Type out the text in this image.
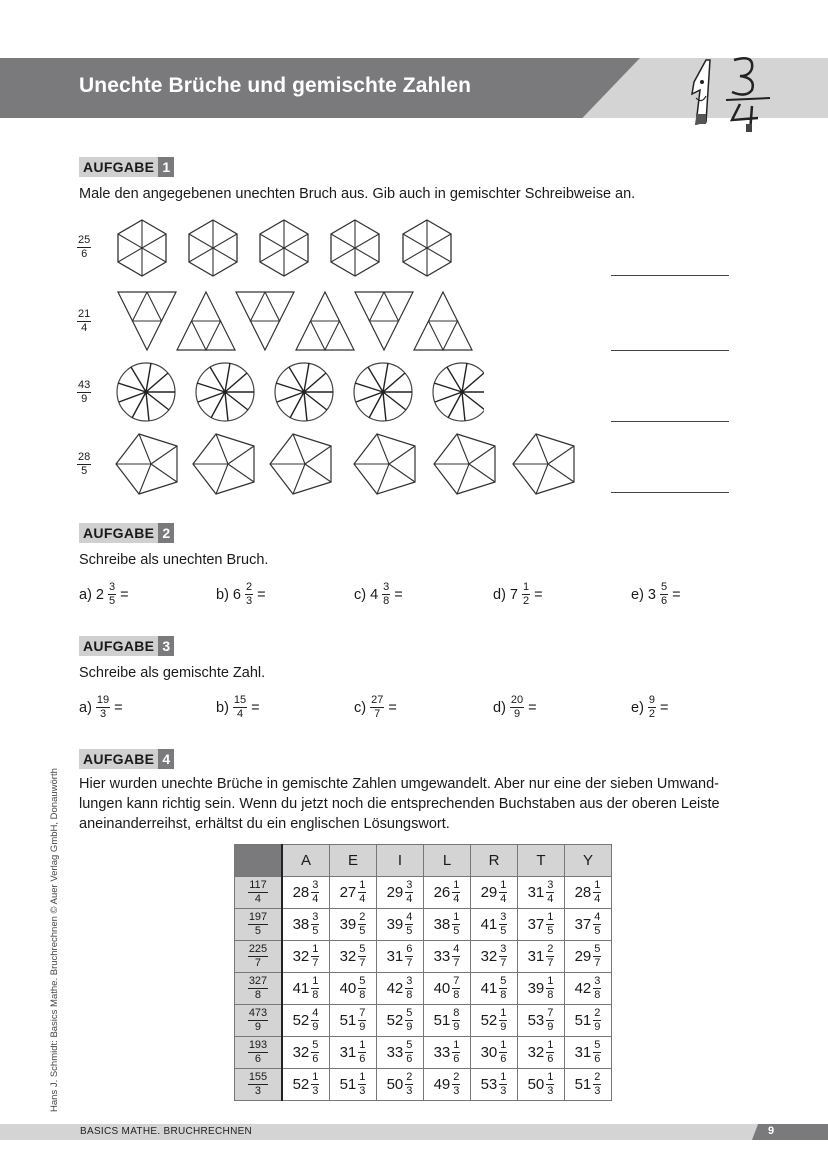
Unechte Brüche und gemischte Zahlen
AUFGABE 1
Male den angegebenen unechten Bruch aus. Gib auch in gemischter Schreibweise an.
$\frac{25}{6}$
$\frac{21}{4}$
$\frac{43}{9}$
$\frac{28}{5}$
AUFGABE 2
Schreibe als unechten Bruch.
a) $2 \frac{3}{5}$ =	b) $6 \frac{2}{3}$ =	c) $4 \frac{3}{8}$ =	d) $7 \frac{1}{2}$ =	e) $3 \frac{5}{6}$ =
AUFGABE 3
Schreibe als gemischte Zahl.
$a) \frac{19}{3}$ =	$b) \frac{15}{4}$ =	$c) \frac{27}{7}$ =	$d) \frac{20}{9}$ =	$e) \frac{9}{2}$ =
AUFGABE 4
Hier wurden unechte Brüche in gemischte Zahlen umgewandelt. Aber nur eine der sieben Umwand-
lungen kann richtig sein. Wenn du jetzt noch die entsprechenden Buchstaben aus der oberen Leiste
aneinanderreihst, erhältst du ein englischen Lösungswort.
	A	E	I	L	R	T	Y

$\frac{117}{4}$	$28 \frac{3}{4}$	$27 \frac{1}{4}$	$29 \frac{3}{4}$	$26 \frac{1}{4}$	$29 \frac{1}{4}$	$31 \frac{3}{4}$	$28 \frac{1}{4}$

$\frac{197}{5}$	$38 \frac{3}{5}$	$39 \frac{2}{5}$	$39 \frac{4}{5}$	$38 \frac{1}{5}$	$41 \frac{3}{5}$	$37 \frac{1}{5}$	$37 \frac{4}{5}$

$\frac{225}{7}$	$32 \frac{1}{7}$	$32 \frac{5}{7}$	$31 \frac{6}{7}$	$33 \frac{4}{7}$	$32 \frac{3}{7}$	$31 \frac{2}{7}$	$29 \frac{5}{7}$

$\frac{327}{8}$	$41 \frac{1}{8}$	$40 \frac{5}{8}$	$42 \frac{3}{8}$	$40 \frac{7}{8}$	$41 \frac{5}{8}$	$39 \frac{1}{8}$	$42 \frac{3}{8}$

$\frac{473}{9}$	$52 \frac{4}{9}$	$51 \frac{7}{9}$	$52 \frac{5}{9}$	$51 \frac{8}{9}$	$52 \frac{1}{9}$	$53 \frac{7}{9}$	$51 \frac{2}{9}$

$\frac{193}{6}$	$32 \frac{5}{6}$	$31 \frac{1}{6}$	$33 \frac{5}{6}$	$33 \frac{1}{6}$	$30 \frac{1}{6}$	$32 \frac{1}{6}$	$31 \frac{5}{6}$

$\frac{155}{3}$	$52 \frac{1}{3}$	$51 \frac{1}{3}$	$50 \frac{2}{3}$	$49 \frac{2}{3}$	$53 \frac{1}{3}$	$50 \frac{1}{3}$	$51 \frac{2}{3}$
Hans J. Schmidt: Basics Mathe. Bruchrechnen © Auer Verlag GmbH, Donauwörth
BASICS MATHE. BRUCHRECHNEN	9
